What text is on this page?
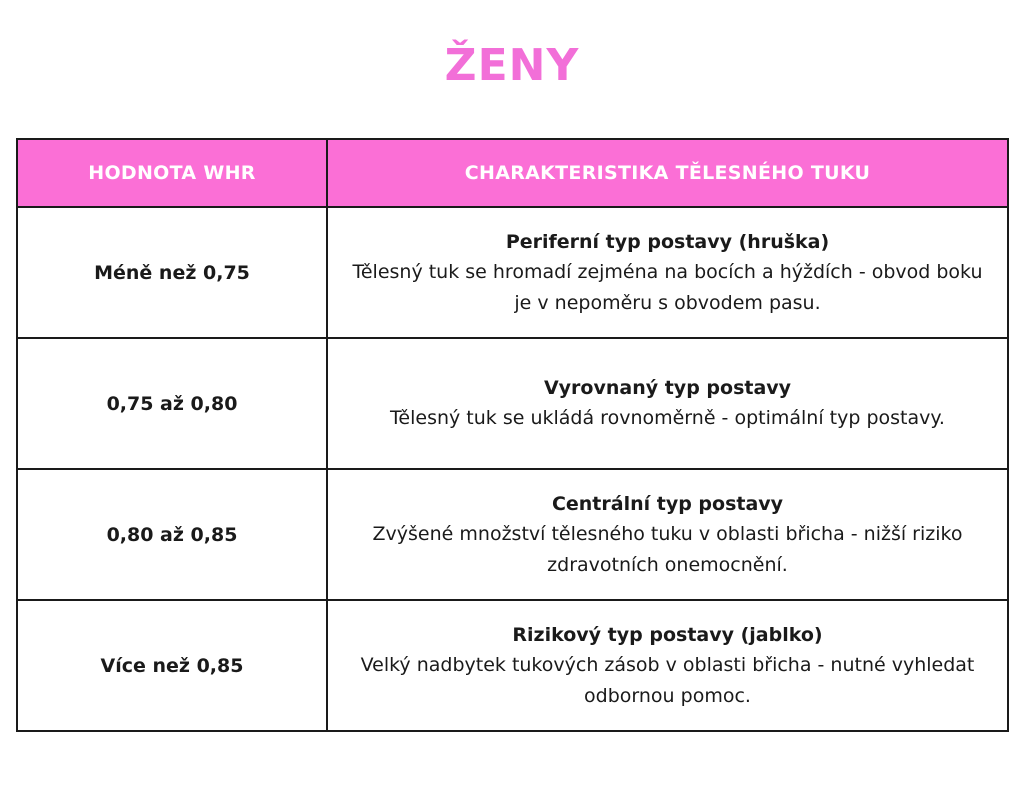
ŽENY
HODNOTA WHR	CHARAKTERISTIKA TĚLESNÉHO TUKU
Méně než 0,75	Periferní typ postavy (hruška)
Tělesný tuk se hromadí zejména na bocích a hýždích - obvod boku je v nepoměru s obvodem pasu.

0,75 až 0,80	Vyrovnaný typ postavy
Tělesný tuk se ukládá rovnoměrně - optimální typ postavy.

0,80 až 0,85	Centrální typ postavy
Zvýšené množství tělesného tuku v oblasti břicha - nižší riziko zdravotních onemocnění.

Více než 0,85	Rizikový typ postavy (jablko)
Velký nadbytek tukových zásob v oblasti břicha - nutné vyhledat odbornou pomoc.
